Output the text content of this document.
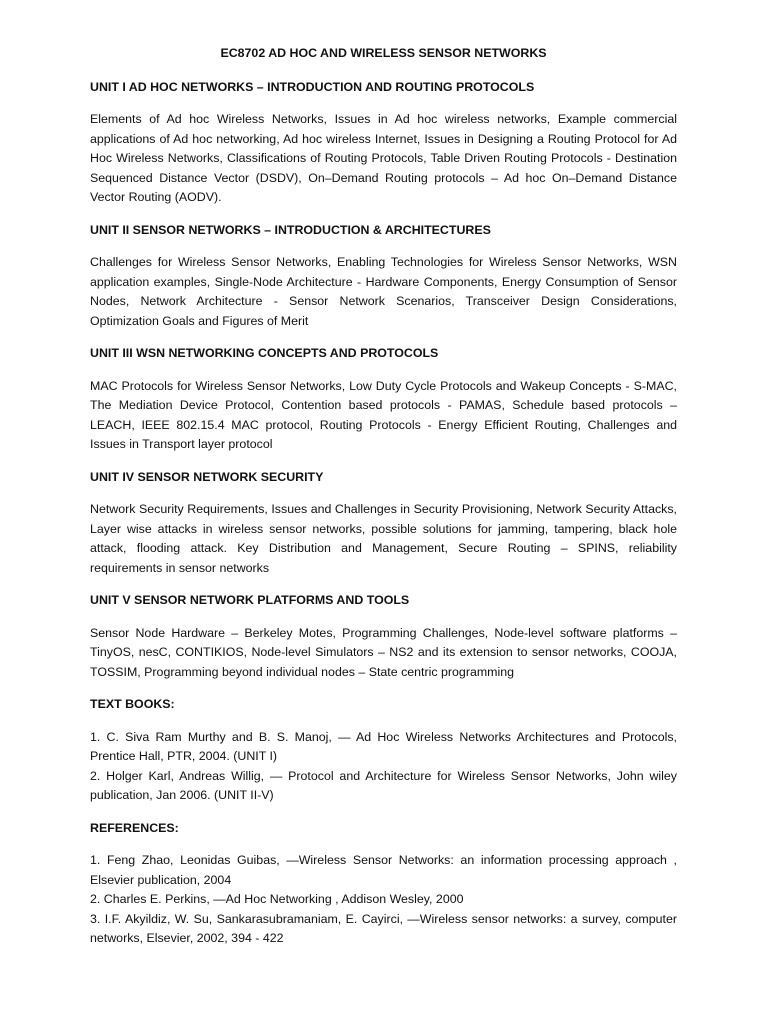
EC8702 AD HOC AND WIRELESS SENSOR NETWORKS
UNIT I AD HOC NETWORKS – INTRODUCTION AND ROUTING PROTOCOLS
Elements of Ad hoc Wireless Networks, Issues in Ad hoc wireless networks, Example commercial applications of Ad hoc networking, Ad hoc wireless Internet, Issues in Designing a Routing Protocol for Ad Hoc Wireless Networks, Classifications of Routing Protocols, Table Driven Routing Protocols - Destination Sequenced Distance Vector (DSDV), On–Demand Routing protocols – Ad hoc On–Demand Distance Vector Routing (AODV).
UNIT II SENSOR NETWORKS – INTRODUCTION & ARCHITECTURES
Challenges for Wireless Sensor Networks, Enabling Technologies for Wireless Sensor Networks, WSN application examples, Single-Node Architecture - Hardware Components, Energy Consumption of Sensor Nodes, Network Architecture - Sensor Network Scenarios, Transceiver Design Considerations, Optimization Goals and Figures of Merit
UNIT III WSN NETWORKING CONCEPTS AND PROTOCOLS
MAC Protocols for Wireless Sensor Networks, Low Duty Cycle Protocols and Wakeup Concepts - S-MAC, The Mediation Device Protocol, Contention based protocols - PAMAS, Schedule based protocols – LEACH, IEEE 802.15.4 MAC protocol, Routing Protocols - Energy Efficient Routing, Challenges and Issues in Transport layer protocol
UNIT IV SENSOR NETWORK SECURITY
Network Security Requirements, Issues and Challenges in Security Provisioning, Network Security Attacks, Layer wise attacks in wireless sensor networks, possible solutions for jamming, tampering, black hole attack, flooding attack. Key Distribution and Management, Secure Routing – SPINS, reliability requirements in sensor networks
UNIT V SENSOR NETWORK PLATFORMS AND TOOLS
Sensor Node Hardware – Berkeley Motes, Programming Challenges, Node-level software platforms – TinyOS, nesC, CONTIKIOS, Node-level Simulators – NS2 and its extension to sensor networks, COOJA, TOSSIM, Programming beyond individual nodes – State centric programming
TEXT BOOKS:
1. C. Siva Ram Murthy and B. S. Manoj, — Ad Hoc Wireless Networks Architectures and Protocols, Prentice Hall, PTR, 2004. (UNIT I)
2. Holger Karl, Andreas Willig, — Protocol and Architecture for Wireless Sensor Networks, John wiley publication, Jan 2006. (UNIT II-V)
REFERENCES:
1. Feng Zhao, Leonidas Guibas, —Wireless Sensor Networks: an information processing approach , Elsevier publication, 2004
2. Charles E. Perkins, —Ad Hoc Networking , Addison Wesley, 2000
3. I.F. Akyildiz, W. Su, Sankarasubramaniam, E. Cayirci, —Wireless sensor networks: a survey, computer networks, Elsevier, 2002, 394 - 422
